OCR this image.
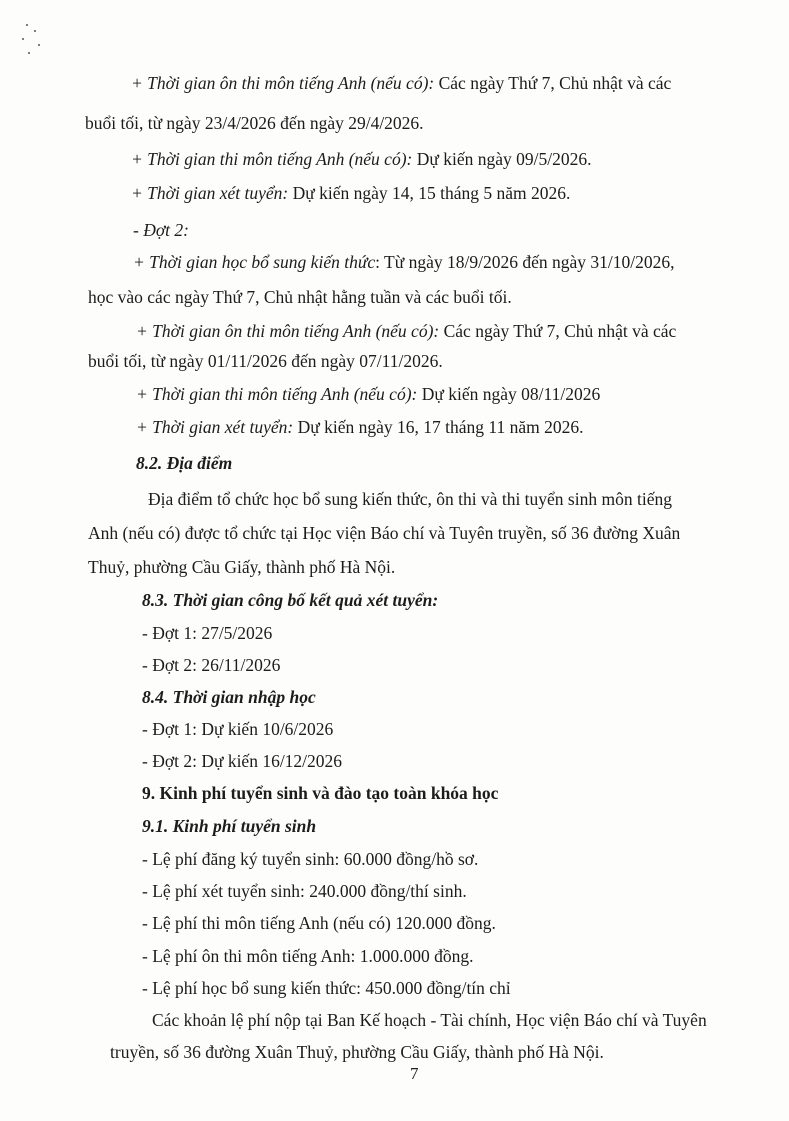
+ Thời gian ôn thi môn tiếng Anh (nếu có): Các ngày Thứ 7, Chủ nhật và các
buổi tối, từ ngày 23/4/2026 đến ngày 29/4/2026.
+ Thời gian thi môn tiếng Anh (nếu có): Dự kiến ngày 09/5/2026.
+ Thời gian xét tuyển: Dự kiến ngày 14, 15 tháng 5 năm 2026.
- Đợt 2:
+ Thời gian học bổ sung kiến thức: Từ ngày 18/9/2026 đến ngày 31/10/2026,
học vào các ngày Thứ 7, Chủ nhật hằng tuần và các buổi tối.
+ Thời gian ôn thi môn tiếng Anh (nếu có): Các ngày Thứ 7, Chủ nhật và các
buổi tối, từ ngày 01/11/2026 đến ngày 07/11/2026.
+ Thời gian thi môn tiếng Anh (nếu có): Dự kiến ngày 08/11/2026
+ Thời gian xét tuyển: Dự kiến ngày 16, 17 tháng 11 năm 2026.
8.2. Địa điểm
Địa điểm tổ chức học bổ sung kiến thức, ôn thi và thi tuyển sinh môn tiếng
Anh (nếu có) được tổ chức tại Học viện Báo chí và Tuyên truyền, số 36 đường Xuân
Thuỷ, phường Cầu Giấy, thành phố Hà Nội.
8.3. Thời gian công bố kết quả xét tuyển:
- Đợt 1: 27/5/2026
- Đợt 2: 26/11/2026
8.4. Thời gian nhập học
- Đợt 1: Dự kiến 10/6/2026
- Đợt 2: Dự kiến 16/12/2026
9. Kinh phí tuyển sinh và đào tạo toàn khóa học
9.1. Kinh phí tuyển sinh
- Lệ phí đăng ký tuyển sinh: 60.000 đồng/hồ sơ.
- Lệ phí xét tuyển sinh: 240.000 đồng/thí sinh.
- Lệ phí thi môn tiếng Anh (nếu có) 120.000 đồng.
- Lệ phí ôn thi môn tiếng Anh: 1.000.000 đồng.
- Lệ phí học bổ sung kiến thức: 450.000 đồng/tín chỉ
Các khoản lệ phí nộp tại Ban Kế hoạch - Tài chính, Học viện Báo chí và Tuyên
truyền, số 36 đường Xuân Thuỷ, phường Cầu Giấy, thành phố Hà Nội.
7
